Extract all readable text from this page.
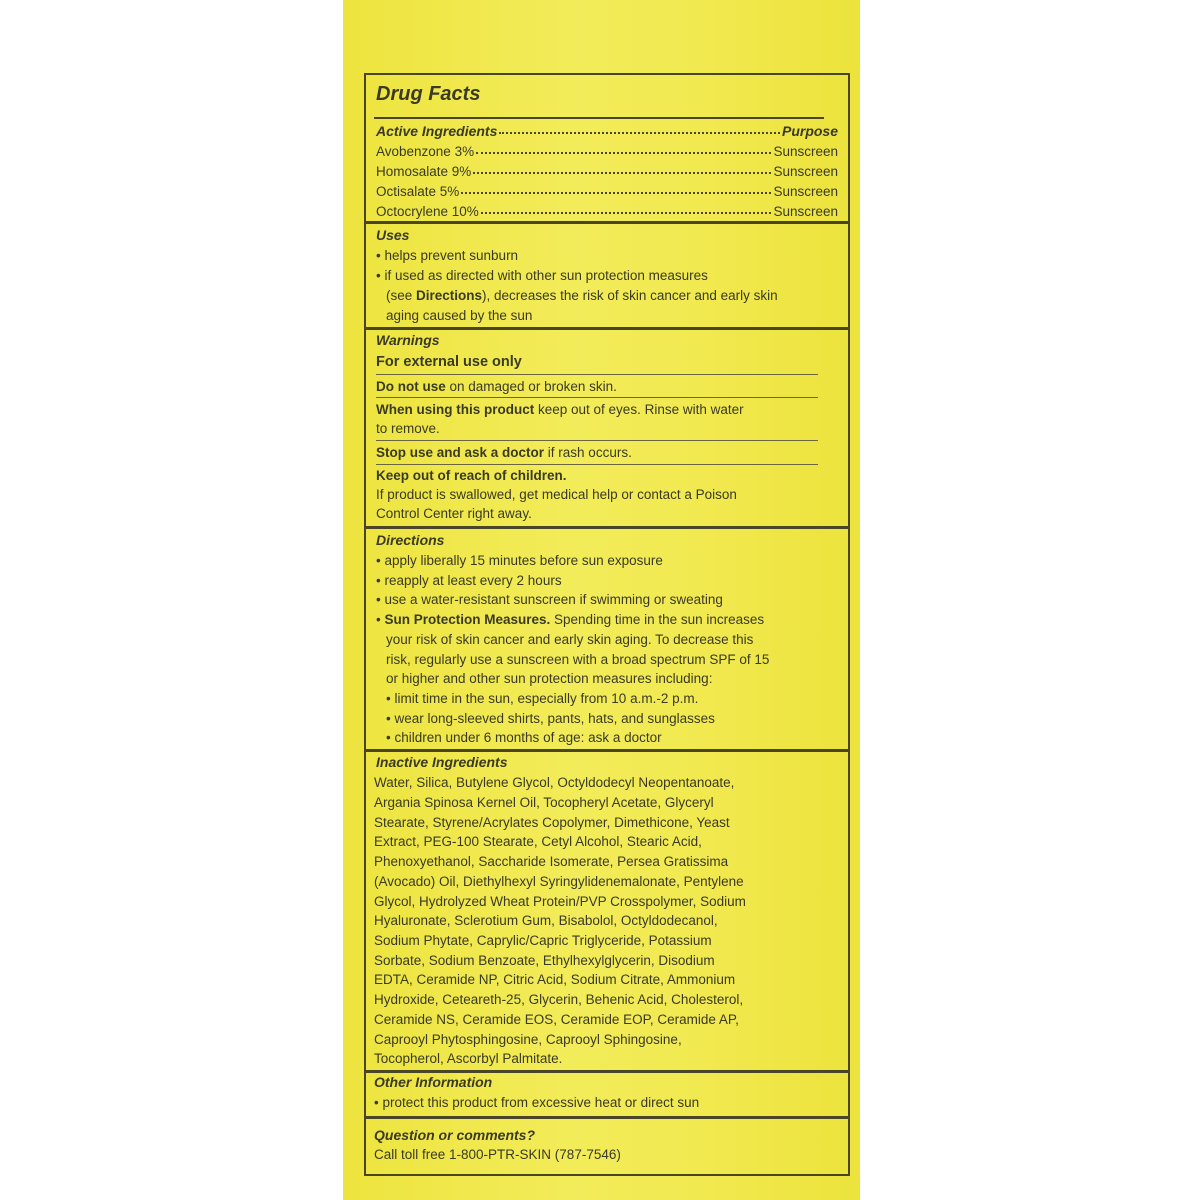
Drug Facts
Active Ingredients	Purpose
Avobenzone 3%	Sunscreen
Homosalate 9%	Sunscreen
Octisalate 5%	Sunscreen
Octocrylene 10%	Sunscreen
Uses
• helps prevent sunburn
• if used as directed with other sun protection measures
(see Directions), decreases the risk of skin cancer and early skin
aging caused by the sun
Warnings
For external use only
Do not use on damaged or broken skin.
When using this product keep out of eyes. Rinse with water
to remove.
Stop use and ask a doctor if rash occurs.
Keep out of reach of children.
If product is swallowed, get medical help or contact a Poison
Control Center right away.
Directions
• apply liberally 15 minutes before sun exposure
• reapply at least every 2 hours
• use a water-resistant sunscreen if swimming or sweating
• Sun Protection Measures. Spending time in the sun increases
your risk of skin cancer and early skin aging. To decrease this
risk, regularly use a sunscreen with a broad spectrum SPF of 15
or higher and other sun protection measures including:
• limit time in the sun, especially from 10 a.m.-2 p.m.
• wear long-sleeved shirts, pants, hats, and sunglasses
• children under 6 months of age: ask a doctor
Inactive Ingredients
Water, Silica, Butylene Glycol, Octyldodecyl Neopentanoate,
Argania Spinosa Kernel Oil, Tocopheryl Acetate, Glyceryl
Stearate, Styrene/Acrylates Copolymer, Dimethicone, Yeast
Extract, PEG-100 Stearate, Cetyl Alcohol, Stearic Acid,
Phenoxyethanol, Saccharide Isomerate, Persea Gratissima
(Avocado) Oil, Diethylhexyl Syringylidenemalonate, Pentylene
Glycol, Hydrolyzed Wheat Protein/PVP Crosspolymer, Sodium
Hyaluronate, Sclerotium Gum, Bisabolol, Octyldodecanol,
Sodium Phytate, Caprylic/Capric Triglyceride, Potassium
Sorbate, Sodium Benzoate, Ethylhexylglycerin, Disodium
EDTA, Ceramide NP, Citric Acid, Sodium Citrate, Ammonium
Hydroxide, Ceteareth-25, Glycerin, Behenic Acid, Cholesterol,
Ceramide NS, Ceramide EOS, Ceramide EOP, Ceramide AP,
Caprooyl Phytosphingosine, Caprooyl Sphingosine,
Tocopherol, Ascorbyl Palmitate.
Other Information
• protect this product from excessive heat or direct sun
Question or comments?
Call toll free 1-800-PTR-SKIN (787-7546)
